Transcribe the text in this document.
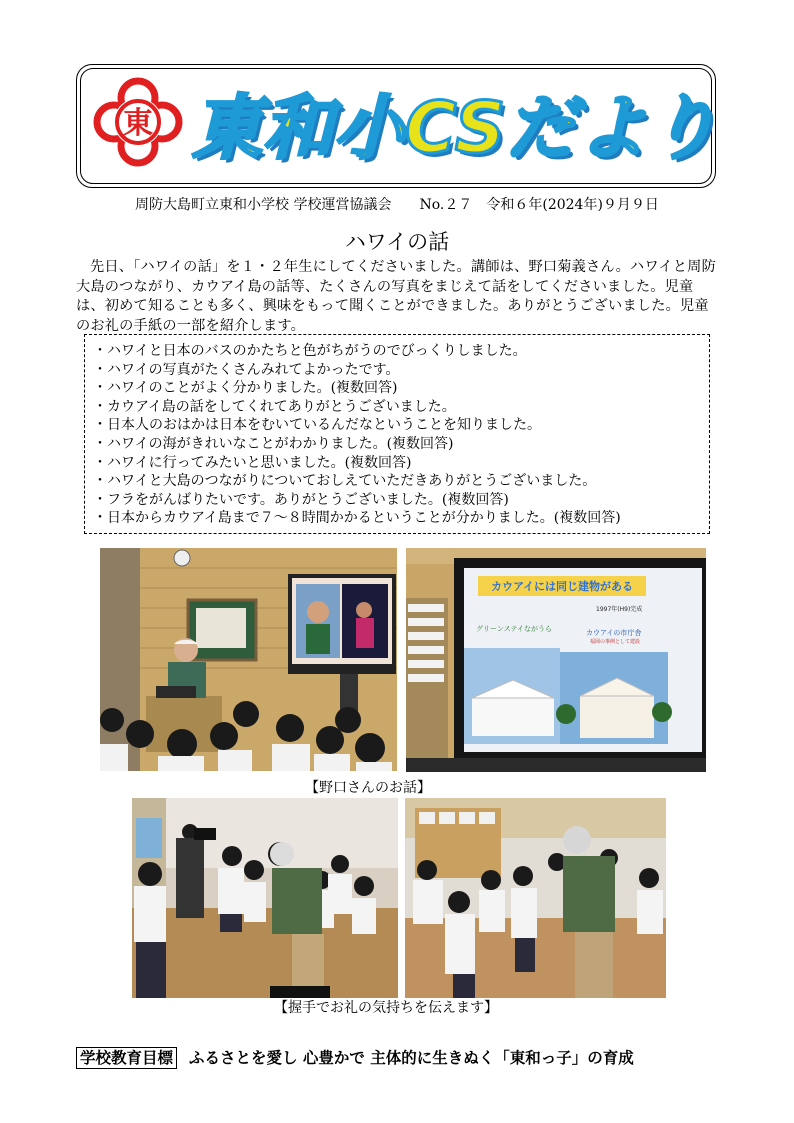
東 東和小CSだより
周防大島町立東和小学校 学校運営協議会　　No.２７　令和６年(2024年)９月９日
ハワイの話
先日、「ハワイの話」を１・２年生にしてくださいました。講師は、野口菊義さん。ハワイと周防大島のつながり、カウアイ島の話等、たくさんの写真をまじえて話をしてくださいました。児童は、初めて知ることも多く、興味をもって聞くことができました。ありがとうございました。児童のお礼の手紙の一部を紹介します。
・ハワイと日本のバスのかたちと色がちがうのでびっくりしました。
・ハワイの写真がたくさんみれてよかったです。
・ハワイのことがよく分かりました。(複数回答)
・カウアイ島の話をしてくれてありがとうございました。
・日本人のおはかは日本をむいているんだなということを知りました。
・ハワイの海がきれいなことがわかりました。(複数回答)
・ハワイに行ってみたいと思いました。(複数回答)
・ハワイと大島のつながりについておしえていただきありがとうございました。
・フラをがんばりたいです。ありがとうございました。(複数回答)
・日本からカウアイ島まで７～８時間かかるということが分かりました。(複数回答)
カウアイには同じ建物がある
1997年(H9)完成
グリーンステイながうら	カウアイの市庁舎
福岡の事例として建設
【野口さんのお話】
【握手でお礼の気持ちを伝えます】
学校教育目標 ふるさとを愛し 心豊かで 主体的に生きぬく「東和っ子」の育成
